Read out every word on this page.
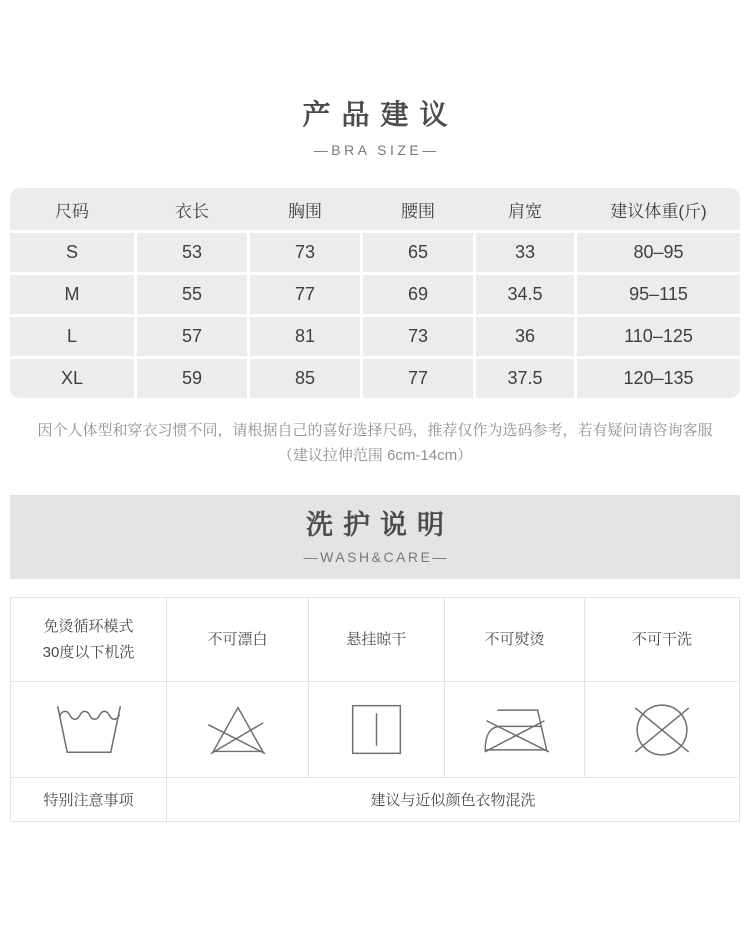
产品建议
—BRA SIZE—
尺码	衣长	胸围	腰围	肩宽	建议体重(斤)
S	53	73	65	33	80–95
M	55	77	69	34.5	95–115
L	57	81	73	36	110–125
XL	59	85	77	37.5	120–135

因个人体型和穿衣习惯不同，请根据自己的喜好选择尺码，推荐仅作为选码参考，若有疑问请咨询客服

（建议拉伸范围 6cm-14cm）

洗护说明
—WASH&CARE—
免烫循环模式
30度以下机洗	不可漂白	悬挂晾干	不可熨烫	不可干洗

特别注意事项	建议与近似颜色衣物混洗			
